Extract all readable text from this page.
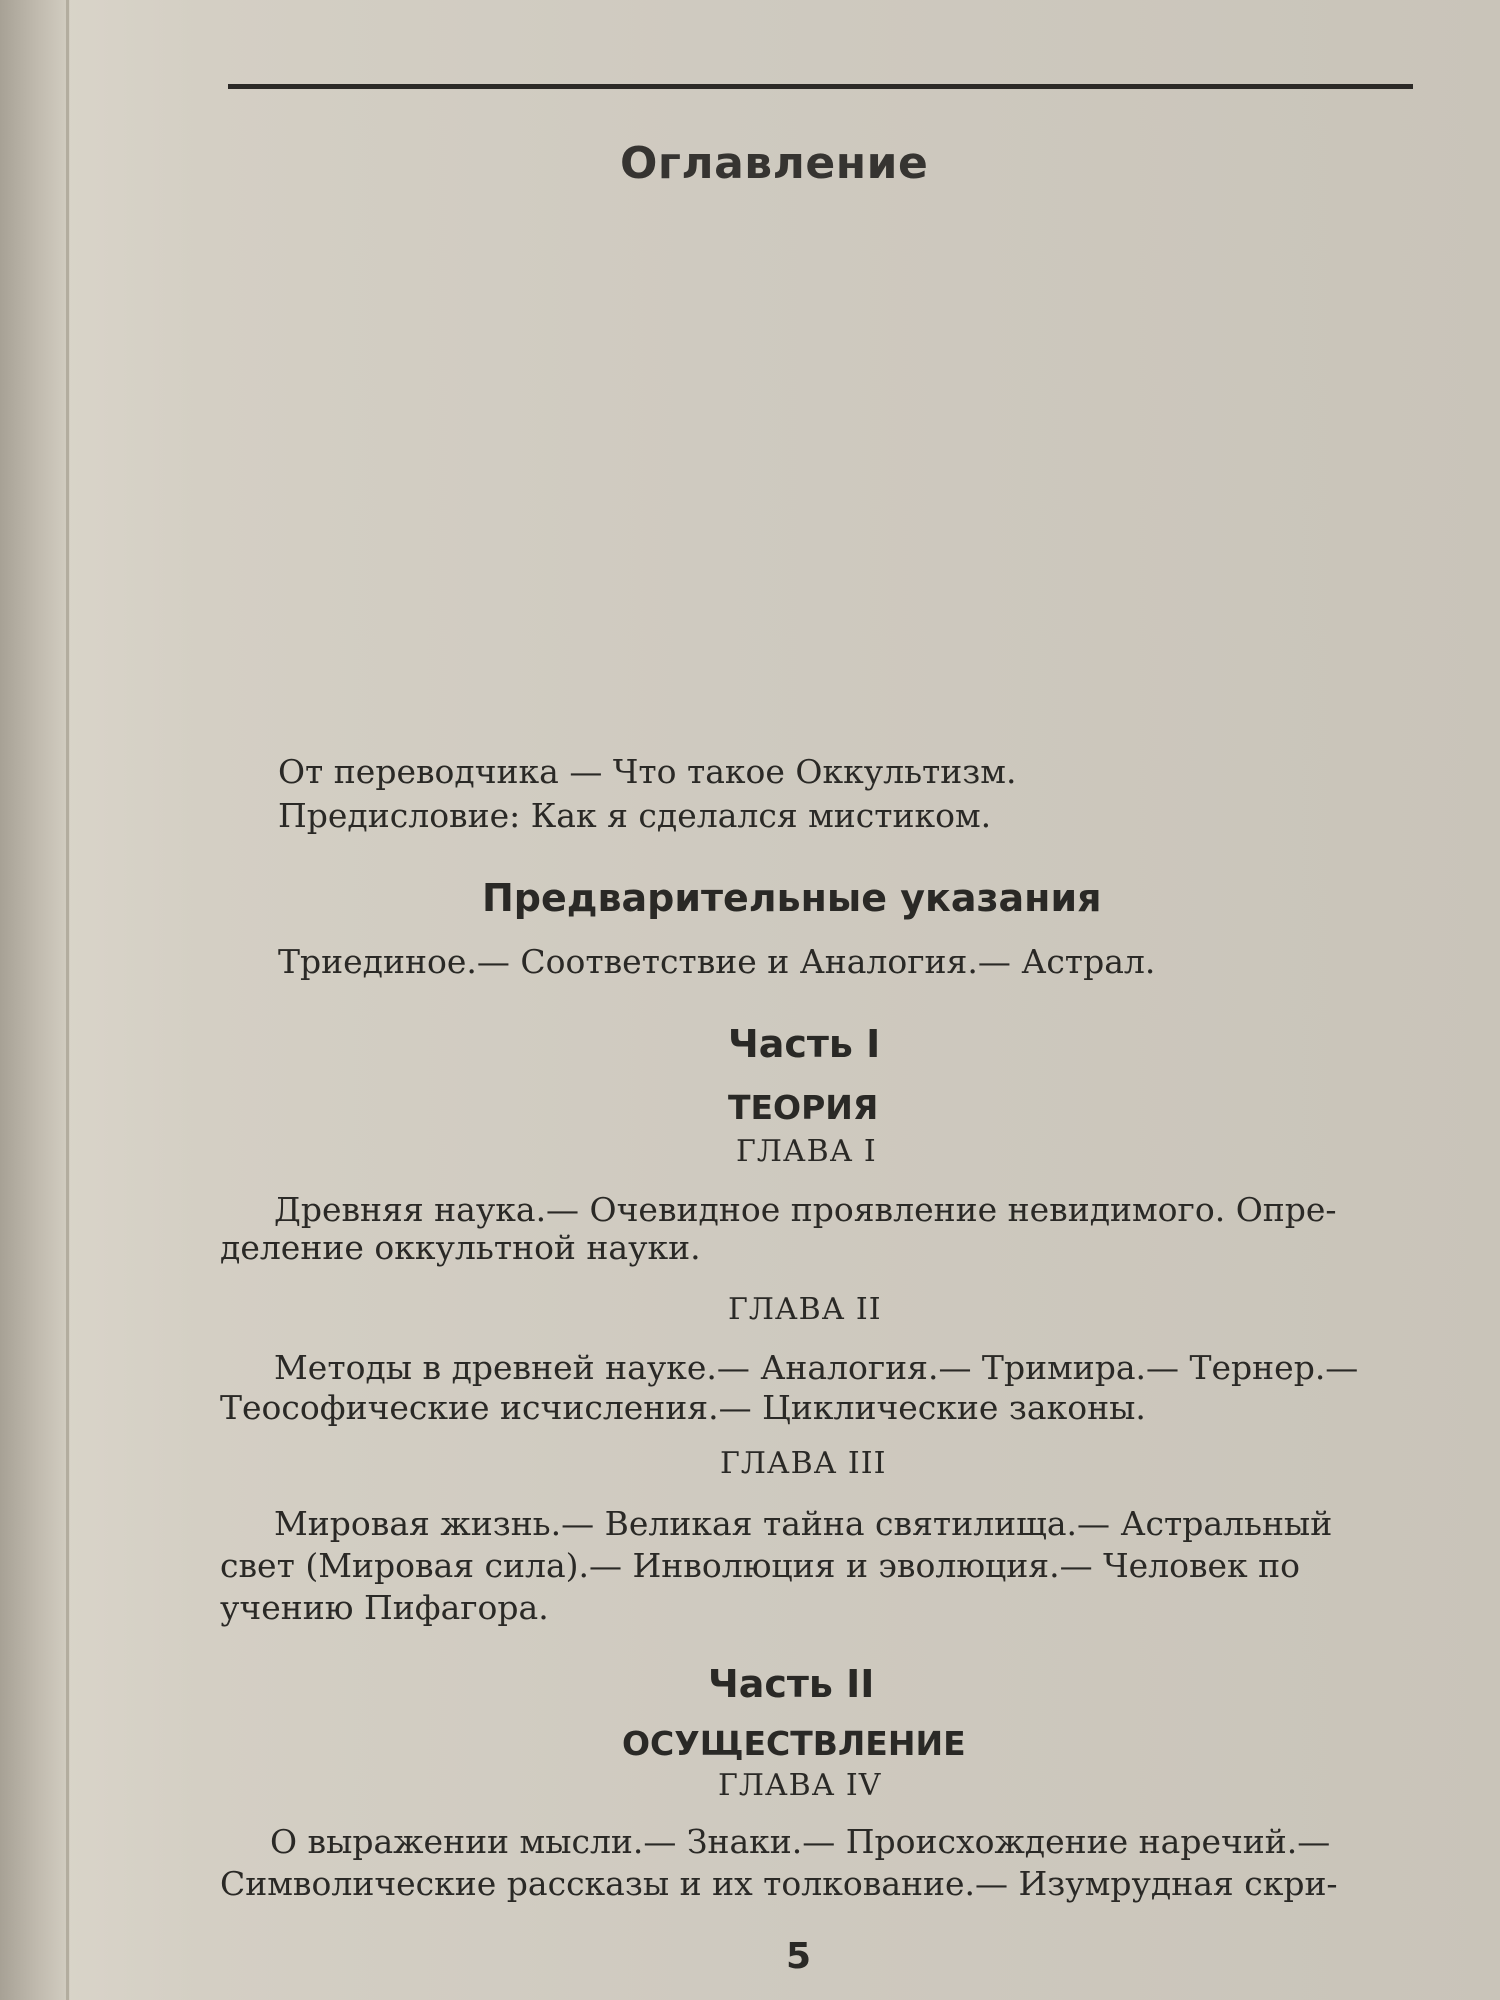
Оглавление
От переводчика — Что такое Оккультизм.
Предисловие: Как я сделался мистиком.
Предварительные указания
Триединое.— Соответствие и Аналогия.— Астрал.
Часть I
ТЕОРИЯ
ГЛАВА I
Древняя наука.— Очевидное проявление невидимого. Опре-
деление оккультной науки.
ГЛАВА II
Методы в древней науке.— Аналогия.— Тримира.— Тернер.—
Теософические исчисления.— Циклические законы.
ГЛАВА III
Мировая жизнь.— Великая тайна святилища.— Астральный
свет (Мировая сила).— Инволюция и эволюция.— Человек по
учению Пифагора.
Часть II
ОСУЩЕСТВЛЕНИЕ
ГЛАВА IV
О выражении мысли.— Знаки.— Происхождение наречий.—
Символические рассказы и их толкование.— Изумрудная скри-
5
